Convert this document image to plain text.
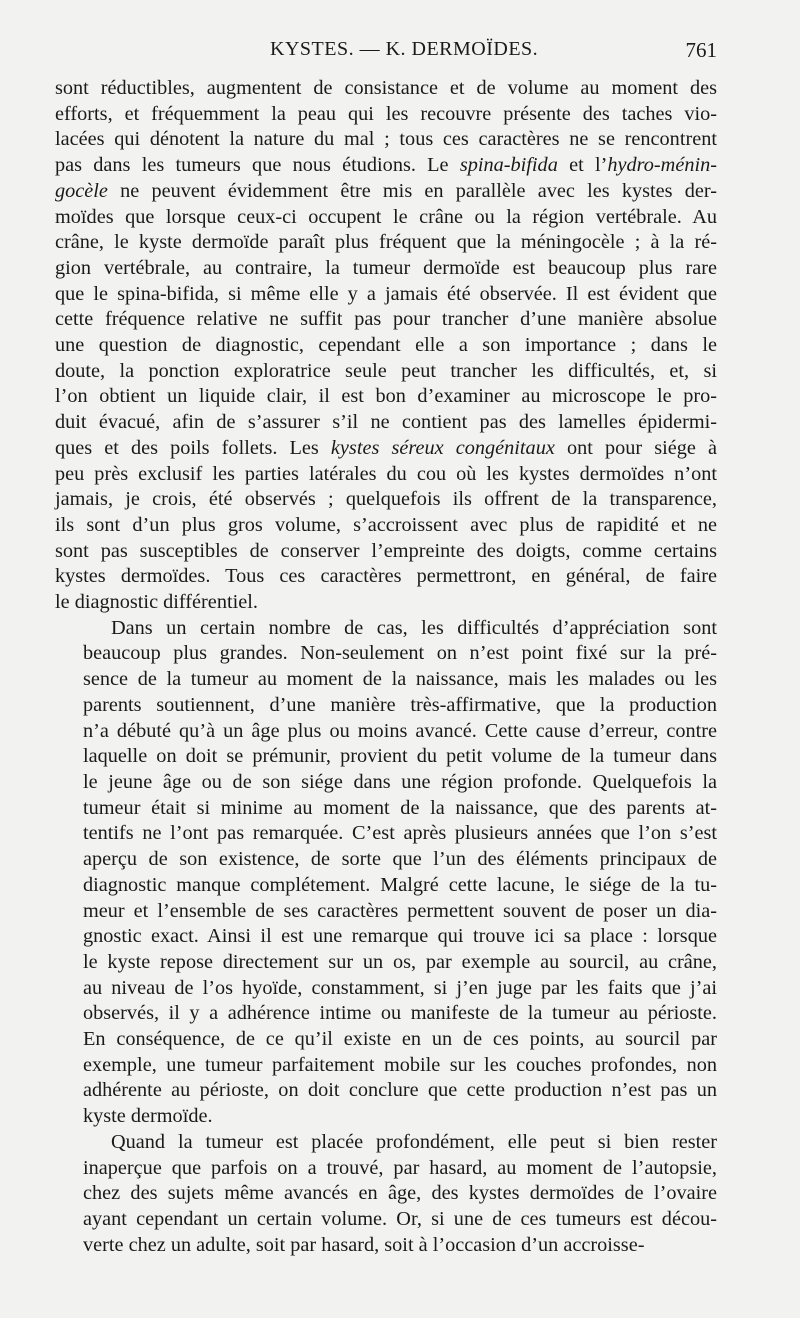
KYSTES. — K. DERMOÏDES.	761
sont réductibles, augmentent de consistance et de volume au moment des
efforts, et fréquemment la peau qui les recouvre présente des taches vio-
lacées qui dénotent la nature du mal ; tous ces caractères ne se rencontrent
pas dans les tumeurs que nous étudions. Le spina-bifida et l’hydro-ménin-
gocèle ne peuvent évidemment être mis en parallèle avec les kystes der-
moïdes que lorsque ceux-ci occupent le crâne ou la région vertébrale. Au
crâne, le kyste dermoïde paraît plus fréquent que la méningocèle ; à la ré-
gion vertébrale, au contraire, la tumeur dermoïde est beaucoup plus rare
que le spina-bifida, si même elle y a jamais été observée. Il est évident que
cette fréquence relative ne suffit pas pour trancher d’une manière absolue
une question de diagnostic, cependant elle a son importance ; dans le
doute, la ponction exploratrice seule peut trancher les difficultés, et, si
l’on obtient un liquide clair, il est bon d’examiner au microscope le pro-
duit évacué, afin de s’assurer s’il ne contient pas des lamelles épidermi-
ques et des poils follets. Les kystes séreux congénitaux ont pour siége à
peu près exclusif les parties latérales du cou où les kystes dermoïdes n’ont
jamais, je crois, été observés ; quelquefois ils offrent de la transparence,
ils sont d’un plus gros volume, s’accroissent avec plus de rapidité et ne
sont pas susceptibles de conserver l’empreinte des doigts, comme certains
kystes dermoïdes. Tous ces caractères permettront, en général, de faire
le diagnostic différentiel.
Dans un certain nombre de cas, les difficultés d’appréciation sont
beaucoup plus grandes. Non-seulement on n’est point fixé sur la pré-
sence de la tumeur au moment de la naissance, mais les malades ou les
parents soutiennent, d’une manière très-affirmative, que la production
n’a débuté qu’à un âge plus ou moins avancé. Cette cause d’erreur, contre
laquelle on doit se prémunir, provient du petit volume de la tumeur dans
le jeune âge ou de son siége dans une région profonde. Quelquefois la
tumeur était si minime au moment de la naissance, que des parents at-
tentifs ne l’ont pas remarquée. C’est après plusieurs années que l’on s’est
aperçu de son existence, de sorte que l’un des éléments principaux de
diagnostic manque complétement. Malgré cette lacune, le siége de la tu-
meur et l’ensemble de ses caractères permettent souvent de poser un dia-
gnostic exact. Ainsi il est une remarque qui trouve ici sa place : lorsque
le kyste repose directement sur un os, par exemple au sourcil, au crâne,
au niveau de l’os hyoïde, constamment, si j’en juge par les faits que j’ai
observés, il y a adhérence intime ou manifeste de la tumeur au périoste.
En conséquence, de ce qu’il existe en un de ces points, au sourcil par
exemple, une tumeur parfaitement mobile sur les couches profondes, non
adhérente au périoste, on doit conclure que cette production n’est pas un
kyste dermoïde.
Quand la tumeur est placée profondément, elle peut si bien rester
inaperçue que parfois on a trouvé, par hasard, au moment de l’autopsie,
chez des sujets même avancés en âge, des kystes dermoïdes de l’ovaire
ayant cependant un certain volume. Or, si une de ces tumeurs est décou-
verte chez un adulte, soit par hasard, soit à l’occasion d’un accroisse-
